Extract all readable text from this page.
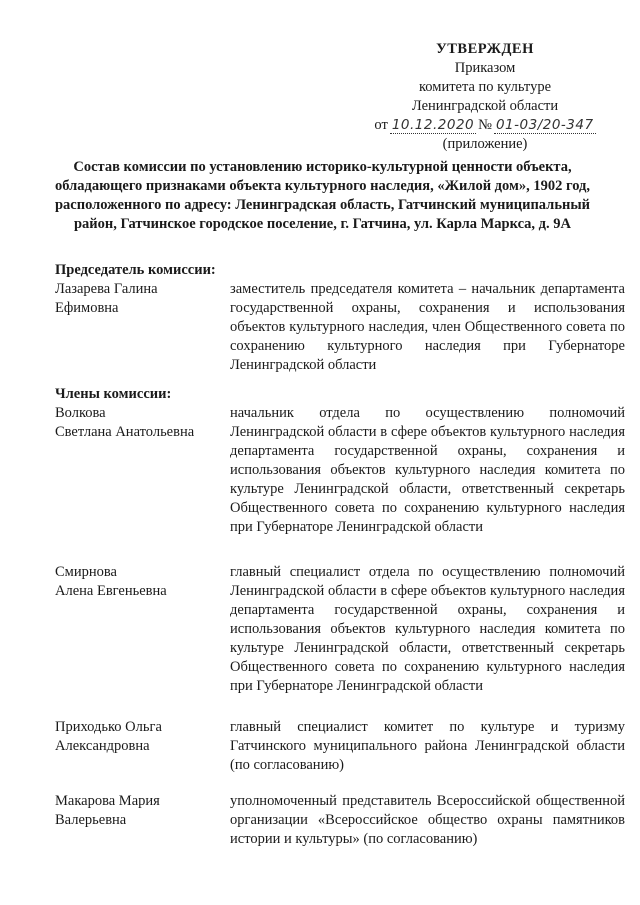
УТВЕРЖДЕН
Приказом
комитета по культуре
Ленинградской области
от 10.12.2020 № 01-03/20-347
(приложение)
Состав комиссии по установлению историко-культурной ценности объекта, обладающего признаками объекта культурного наследия, «Жилой дом», 1902 год, расположенного по адресу: Ленинградская область, Гатчинский муниципальный район, Гатчинское городское поселение, г. Гатчина, ул. Карла Маркса, д. 9А
Председатель комиссии:
Лазарева Галина
Ефимовна
заместитель председателя комитета – начальник департамента государственной охраны, сохранения и использования объектов культурного наследия, член Общественного совета по сохранению культурного наследия при Губернаторе Ленинградской области
Члены комиссии:
Волкова
Светлана Анатольевна
начальник отдела по осуществлению полномочий Ленинградской области в сфере объектов культурного наследия департамента государственной охраны, сохранения и использования объектов культурного наследия комитета по культуре Ленинградской области, ответственный секретарь Общественного совета по сохранению культурного наследия при Губернаторе Ленинградской области
Смирнова
Алена Евгеньевна
главный специалист отдела по осуществлению полномочий Ленинградской области в сфере объектов культурного наследия департамента государственной охраны, сохранения и использования объектов культурного наследия комитета по культуре Ленинградской области, ответственный секретарь Общественного совета по сохранению культурного наследия при Губернаторе Ленинградской области
Приходько Ольга
Александровна
главный специалист комитет по культуре и туризму Гатчинского муниципального района Ленинградской области (по согласованию)
Макарова Мария
Валерьевна
уполномоченный представитель Всероссийской общественной организации «Всероссийское общество охраны памятников истории и культуры» (по согласованию)
